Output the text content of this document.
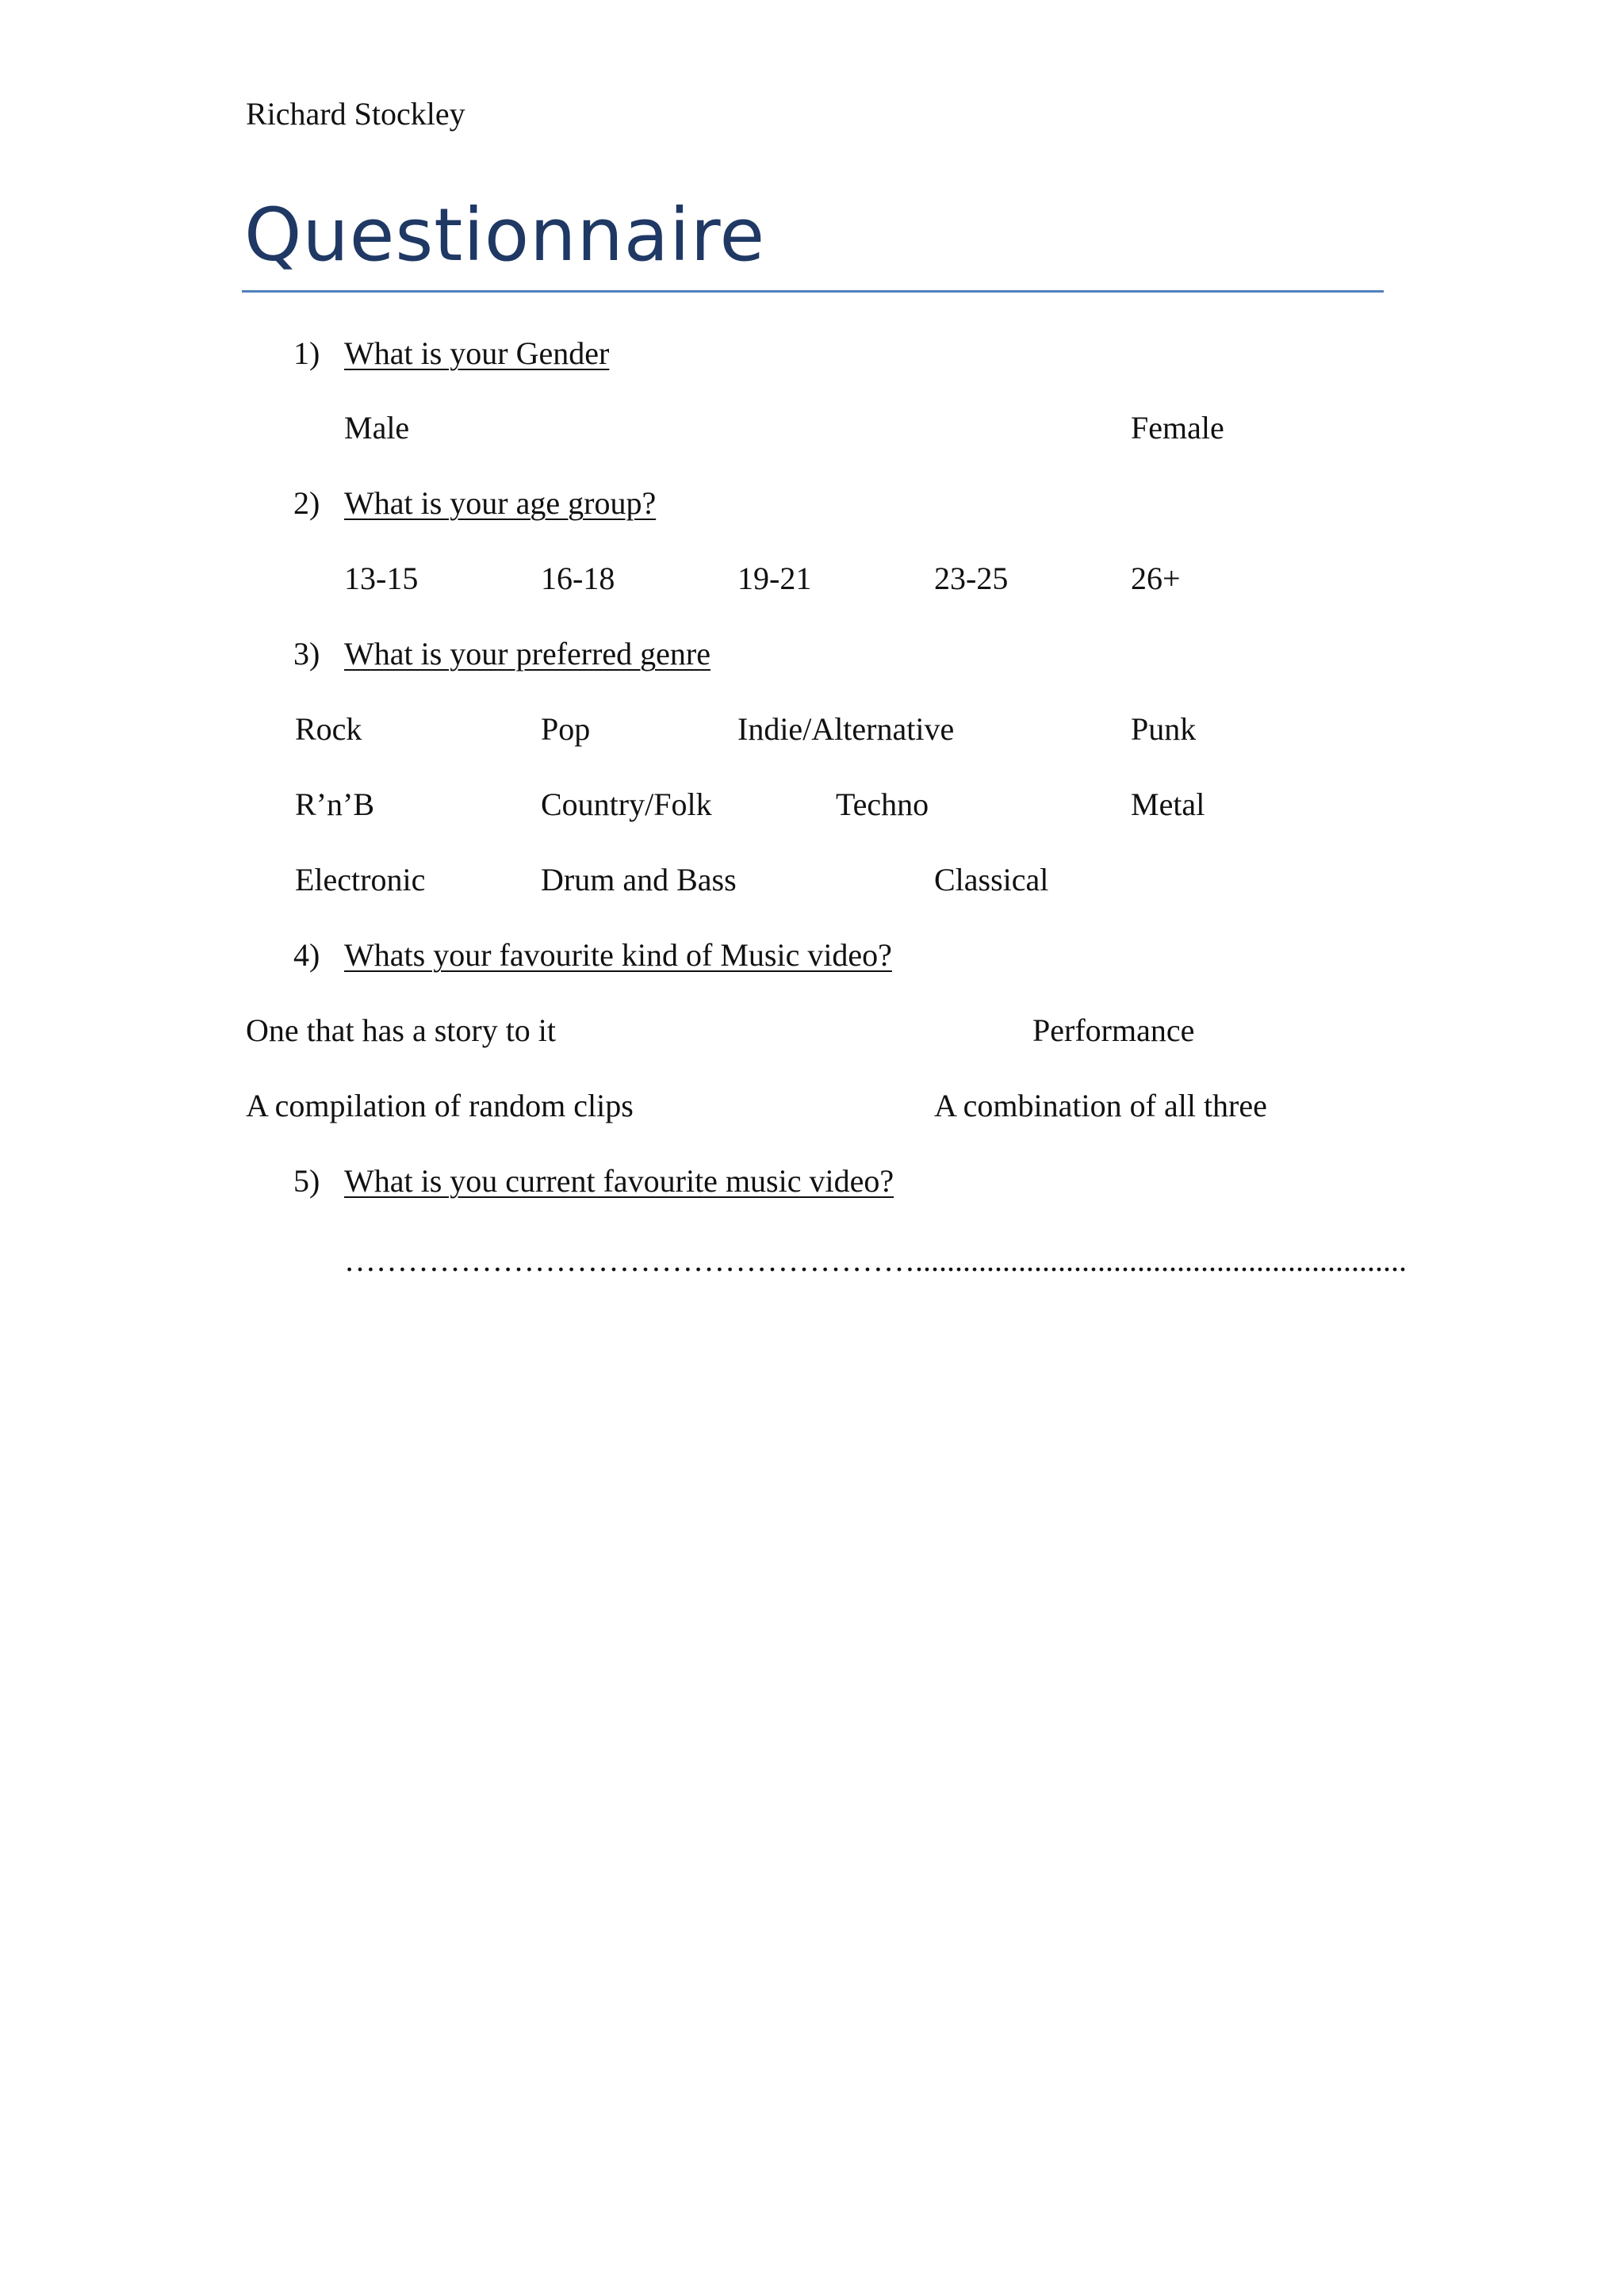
Richard Stockley
Questionnaire
1) What is your Gender
Male	Female
2) What is your age group?
13-15	16-18	19-21	23-25	26+
3) What is your preferred genre
Rock	Pop	Indie/Alternative	Punk
R’n’B	Country/Folk	Techno	Metal
Electronic	Drum and Bass	Classical
4) Whats your favourite kind of Music video?
One that has a story to it	Performance
A compilation of random clips	A combination of all three
5) What is you current favourite music video?
………………………………………………..............................................................
